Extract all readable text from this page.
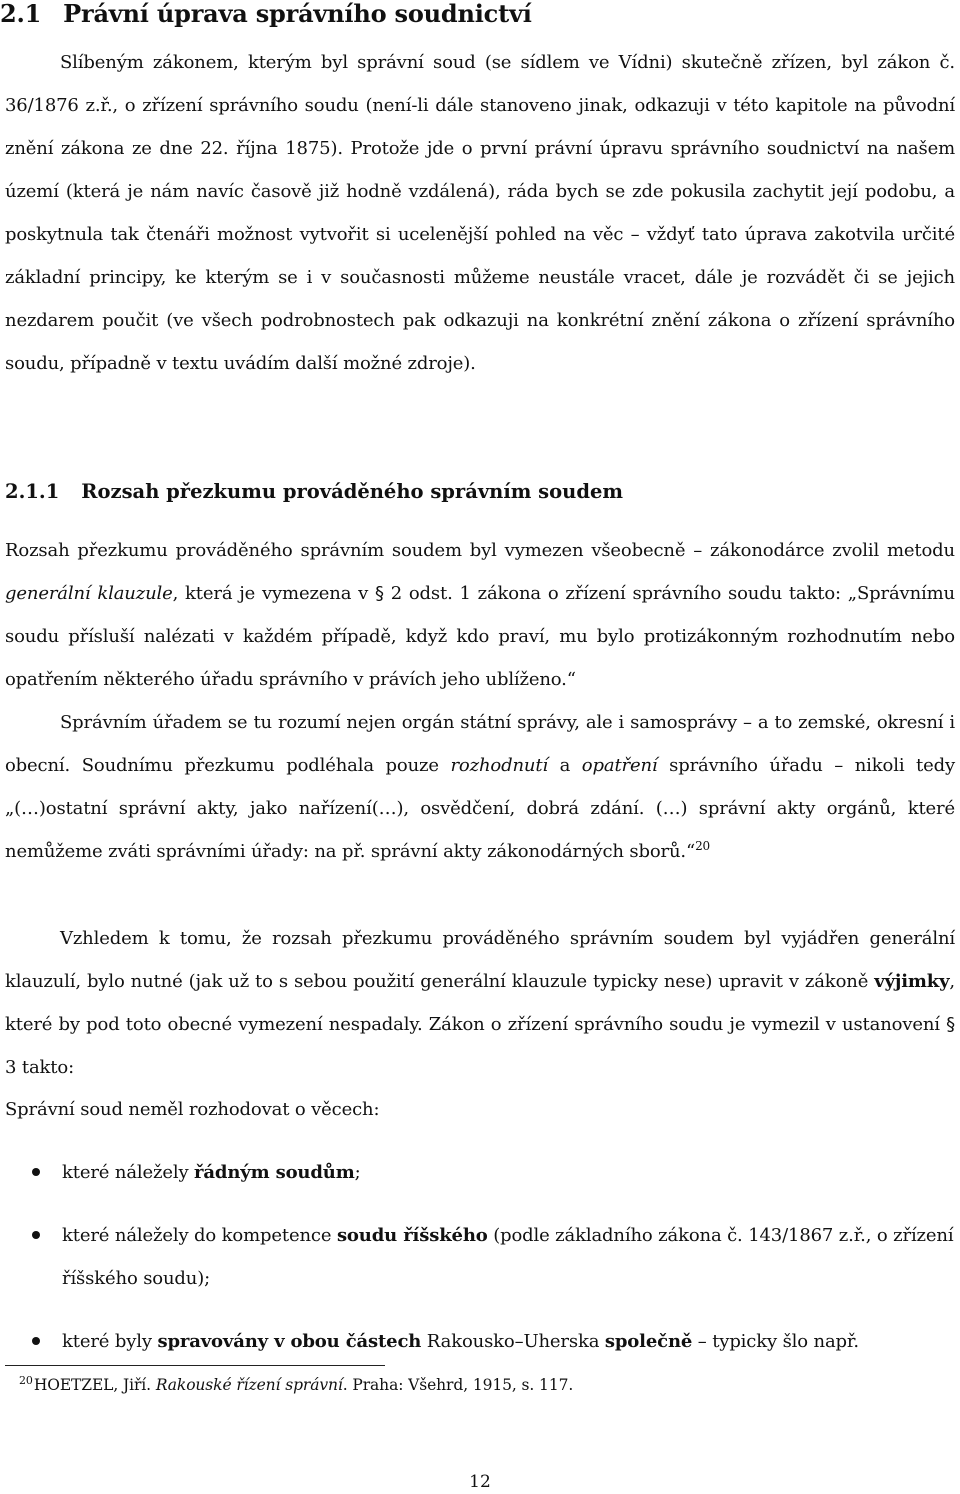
2.1 Právní úprava správního soudnictví

Slíbeným zákonem, kterým byl správní soud (se sídlem ve Vídni) skutečně zřízen, byl zákon č. 36/1876 z.ř., o zřízení správního soudu (není-li dále stanoveno jinak, odkazuji v této kapitole na původní znění zákona ze dne 22. října 1875). Protože jde o první právní úpravu správního soudnictví na našem území (která je nám navíc časově již hodně vzdálená), ráda bych se zde pokusila zachytit její podobu, a poskytnula tak čtenáři možnost vytvořit si ucelenější pohled na věc – vždyť tato úprava zakotvila určité základní principy, ke kterým se i v současnosti můžeme neustále vracet, dále je rozvádět či se jejich nezdarem poučit (ve všech podrobnostech pak odkazuji na konkrétní znění zákona o zřízení správního soudu, případně v textu uvádím další možné zdroje).

2.1.1 Rozsah přezkumu prováděného správním soudem

Rozsah přezkumu prováděného správním soudem byl vymezen všeobecně – zákonodárce zvolil metodu generální klauzule, která je vymezena v § 2 odst. 1 zákona o zřízení správního soudu takto: „Správnímu soudu přísluší nalézati v každém případě, když kdo praví, mu bylo protizákonným rozhodnutím nebo opatřením některého úřadu správního v právích jeho ublíženo.“

Správním úřadem se tu rozumí nejen orgán státní správy, ale i samosprávy – a to zemské, okresní i obecní. Soudnímu přezkumu podléhala pouze rozhodnutí a opatření správního úřadu – nikoli tedy „(…)ostatní správní akty, jako nařízení(…), osvědčení, dobrá zdání. (…) správní akty orgánů, které nemůžeme zváti správními úřady: na př. správní akty zákonodárných sborů.“$^{20}$

Vzhledem k tomu, že rozsah přezkumu prováděného správním soudem byl vyjádřen generální klauzulí, bylo nutné (jak už to s sebou použití generální klauzule typicky nese) upravit v zákoně výjimky, které by pod toto obecné vymezení nespadaly. Zákon o zřízení správního soudu je vymezil v ustanovení § 3 takto:

Správní soud neměl rozhodovat o věcech:

které náležely řádným soudům;
které náležely do kompetence soudu říšského (podle základního zákona č. 143/1867 z.ř., o zřízení říšského soudu);
které byly spravovány v obou částech Rakousko–Uherska společně – typicky šlo např.

$^{20}$HOETZEL, Jiří. Rakouské řízení správní. Praha: Všehrd, 1915, s. 117.

12
